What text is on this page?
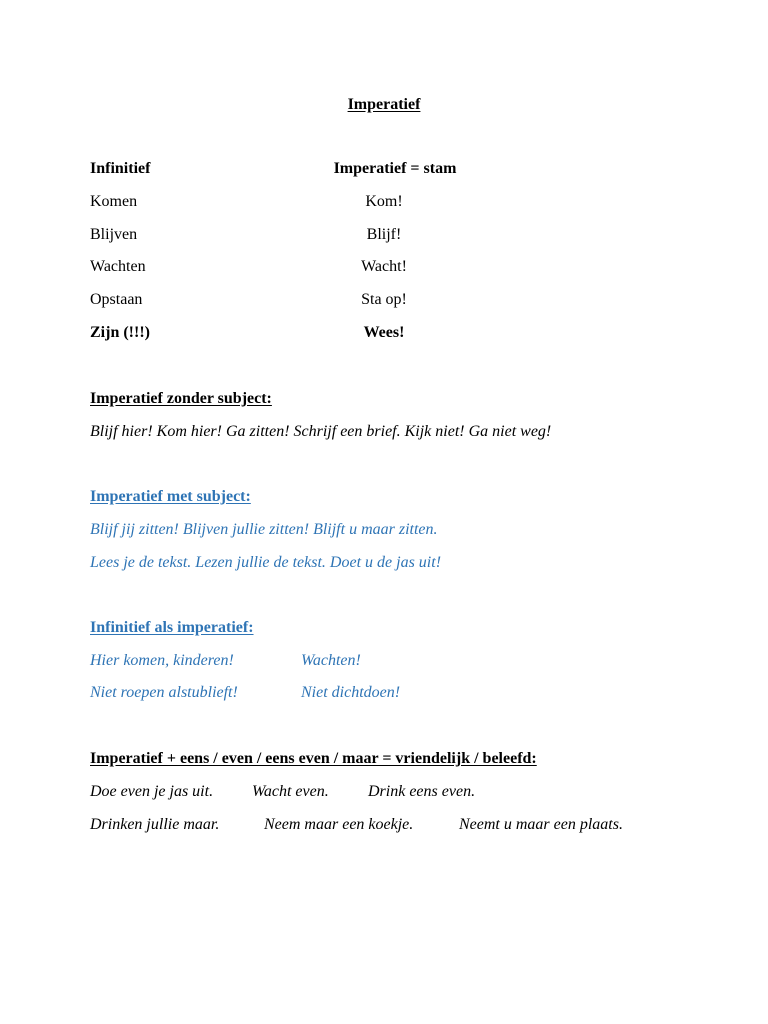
Imperatief
Infinitief	Imperatief = stam
Komen	Kom!
Blijven	Blijf!
Wachten	Wacht!
Opstaan	Sta op!
Zijn (!!!)	Wees!
Imperatief zonder subject:
Blijf hier! Kom hier! Ga zitten! Schrijf een brief. Kijk niet! Ga niet weg!
Imperatief met subject:
Blijf jij zitten! Blijven jullie zitten! Blijft u maar zitten.
Lees je de tekst. Lezen jullie de tekst. Doet u de jas uit!
Infinitief als imperatief:
Hier komen, kinderen!	Wachten!
Niet roepen alstublieft!	Niet dichtdoen!
Imperatief + eens / even / eens even / maar = vriendelijk / beleefd:
Doe even je jas uit. Wacht even. Drink eens even.
Drinken jullie maar.	Neem maar een koekje.	Neemt u maar een plaats.
